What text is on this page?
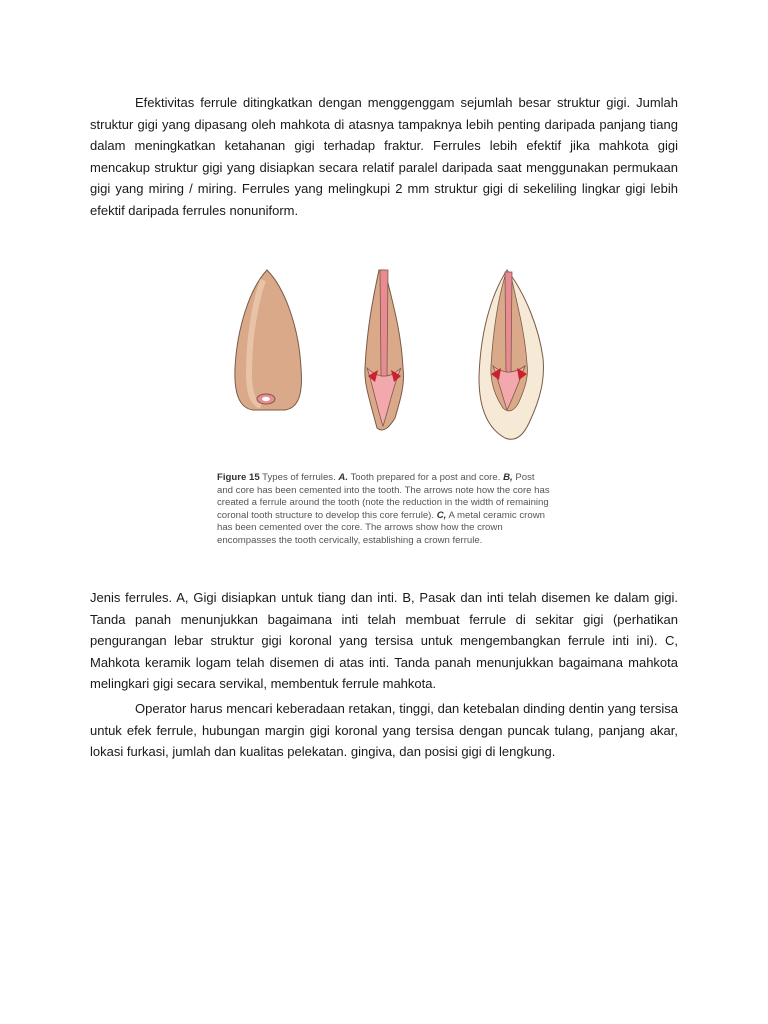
Efektivitas ferrule ditingkatkan dengan menggenggam sejumlah besar struktur gigi. Jumlah struktur gigi yang dipasang oleh mahkota di atasnya tampaknya lebih penting daripada panjang tiang dalam meningkatkan ketahanan gigi terhadap fraktur. Ferrules lebih efektif jika mahkota gigi mencakup struktur gigi yang disiapkan secara relatif paralel daripada saat menggunakan permukaan gigi yang miring / miring. Ferrules yang melingkupi 2 mm struktur gigi di sekeliling lingkar gigi lebih efektif daripada ferrules nonuniform.

Figure 15 Types of ferrules. A. Tooth prepared for a post and core. B, Post and core has been cemented into the tooth. The arrows note how the core has created a ferrule around the tooth (note the reduction in the width of remaining coronal tooth structure to develop this core ferrule). C, A metal ceramic crown has been cemented over the core. The arrows show how the crown encompasses the tooth cervically, establishing a crown ferrule.

Jenis ferrules. A, Gigi disiapkan untuk tiang dan inti. B, Pasak dan inti telah disemen ke dalam gigi. Tanda panah menunjukkan bagaimana inti telah membuat ferrule di sekitar gigi (perhatikan pengurangan lebar struktur gigi koronal yang tersisa untuk mengembangkan ferrule inti ini). C, Mahkota keramik logam telah disemen di atas inti. Tanda panah menunjukkan bagaimana mahkota melingkari gigi secara servikal, membentuk ferrule mahkota.

Operator harus mencari keberadaan retakan, tinggi, dan ketebalan dinding dentin yang tersisa untuk efek ferrule, hubungan margin gigi koronal yang tersisa dengan puncak tulang, panjang akar, lokasi furkasi, jumlah dan kualitas pelekatan. gingiva, dan posisi gigi di lengkung.
